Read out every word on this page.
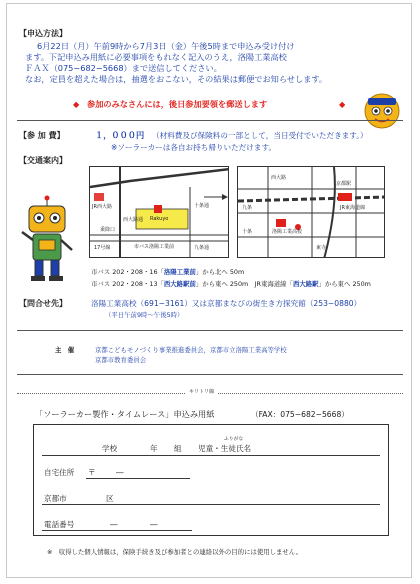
【申込方法】
6月22日（月）午前9時から7月3日（金）午後5時まで申込み受け付け
ます。下記申込み用紙に必要事項をもれなく記入のうえ，洛陽工業高校
ＦＡＸ（075−682−5668）まで送信してください。
なお，定員を超えた場合は，抽選をおこない，その結果は郵便でお知らせします。
◆ 参加のみなさんには，後日参加要領を郵送します	◆
【参 加 費】	１，０００円 （材料費及び保険料の一部として，当日受付でいただきます。）
※ソーラーカーは各自お持ち帰りいただけます。
【交通案内】
JR西大路
Rakuyo
17号線	市バス洛陽工業前
西大路通
九条通
十条通
乗降口
京都駅
西大路
九条
十条	洛陽工業高校
JR東海道線
東寺
市バス 202・208・16「洛陽工業前」から北へ 50m
市バス 202・208・13「西大路駅前」から東へ 250m　JR東海道線「西大路駅」から東へ 250m
【問合せ先】	洛陽工業高校（691−3161）又は京都まなびの街生き方探究館（253−0880）
（平日午前9時〜午後5時）
主　催	京都こどもモノづくり事業推進委員会，京都市立洛陽工業高等学校
京都市教育委員会
キリトリ線
「ソーラーカー製作・タイムレース」申込み用紙	（FAX：075−682−5668）
ふりがな
学校	年 組 児童・生徒氏名
自宅住所 〒	―
京都市	区
電話番号	―	―
※　収得した個人情報は，保険手続き及び参加者との連絡以外の目的には使用しません。
